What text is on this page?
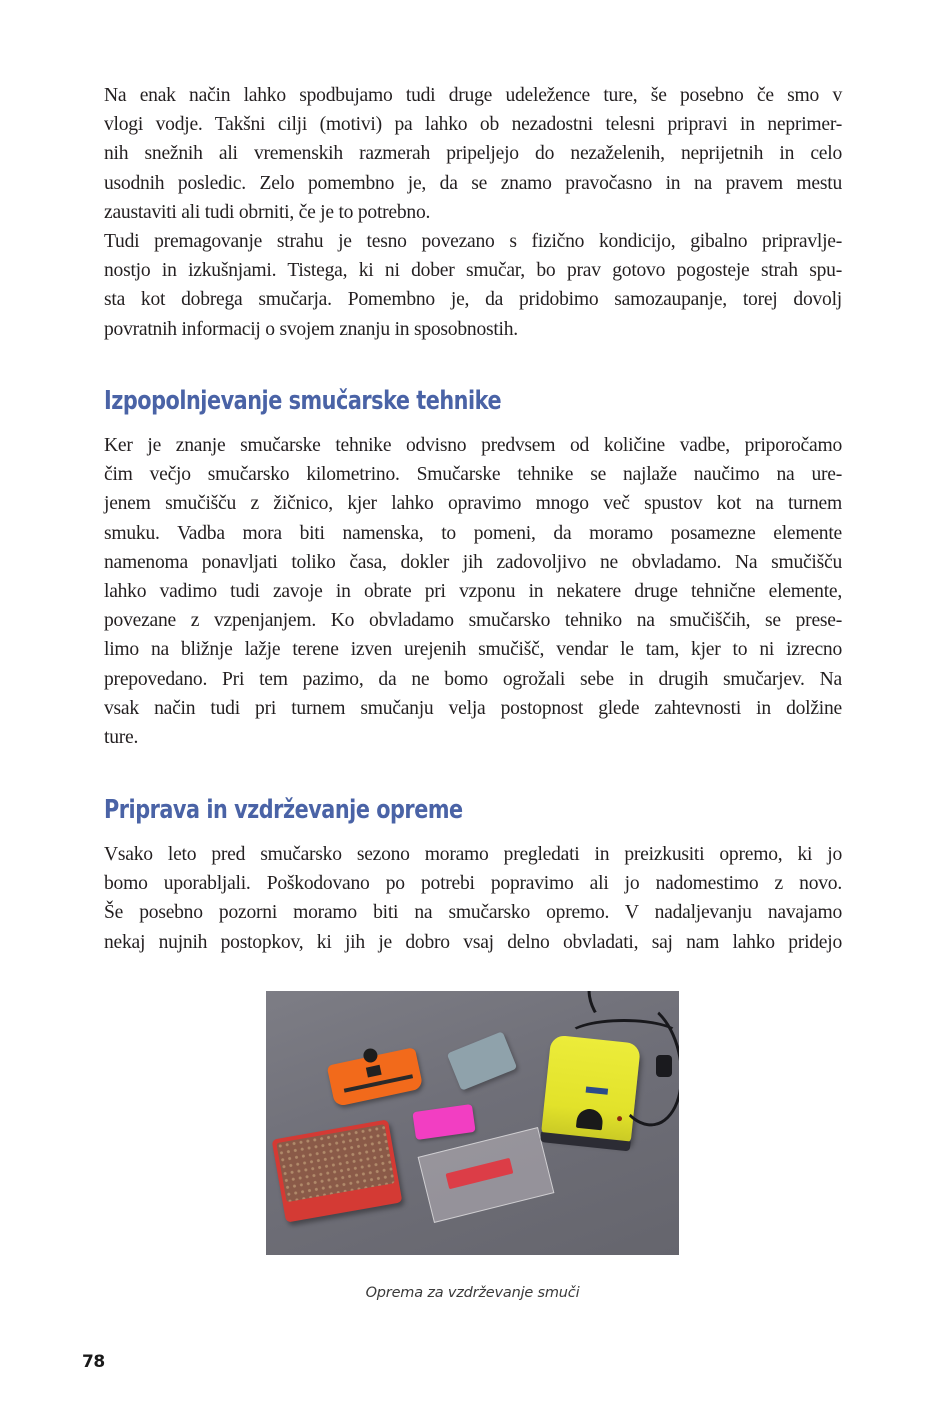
Na enak način lahko spodbujamo tudi druge udeležence ture, še posebno če smo v
vlogi vodje. Takšni cilji (motivi) pa lahko ob nezadostni telesni pripravi in neprimer-
nih snežnih ali vremenskih razmerah pripeljejo do nezaželenih, neprijetnih in celo
usodnih posledic. Zelo pomembno je, da se znamo pravočasno in na pravem mestu
zaustaviti ali tudi obrniti, če je to potrebno.
Tudi premagovanje strahu je tesno povezano s fizično kondicijo, gibalno pripravlje-
nostjo in izkušnjami. Tistega, ki ni dober smučar, bo prav gotovo pogosteje strah spu-
sta kot dobrega smučarja. Pomembno je, da pridobimo samozaupanje, torej dovolj
povratnih informacij o svojem znanju in sposobnostih.
Izpopolnjevanje smučarske tehnike
Ker je znanje smučarske tehnike odvisno predvsem od količine vadbe, priporočamo
čim večjo smučarsko kilometrino. Smučarske tehnike se najlaže naučimo na ure-
jenem smučišču z žičnico, kjer lahko opravimo mnogo več spustov kot na turnem
smuku. Vadba mora biti namenska, to pomeni, da moramo posamezne elemente
namenoma ponavljati toliko časa, dokler jih zadovoljivo ne obvladamo. Na smučišču
lahko vadimo tudi zavoje in obrate pri vzponu in nekatere druge tehnične elemente,
povezane z vzpenjanjem. Ko obvladamo smučarsko tehniko na smučiščih, se prese-
limo na bližnje lažje terene izven urejenih smučišč, vendar le tam, kjer to ni izrecno
prepovedano. Pri tem pazimo, da ne bomo ogrožali sebe in drugih smučarjev. Na
vsak način tudi pri turnem smučanju velja postopnost glede zahtevnosti in dolžine
ture.
Priprava in vzdrževanje opreme
Vsako leto pred smučarsko sezono moramo pregledati in preizkusiti opremo, ki jo
bomo uporabljali. Poškodovano po potrebi popravimo ali jo nadomestimo z novo.
Še posebno pozorni moramo biti na smučarsko opremo. V nadaljevanju navajamo
nekaj nujnih postopkov, ki jih je dobro vsaj delno obvladati, saj nam lahko pridejo
Oprema za vzdrževanje smuči
78
